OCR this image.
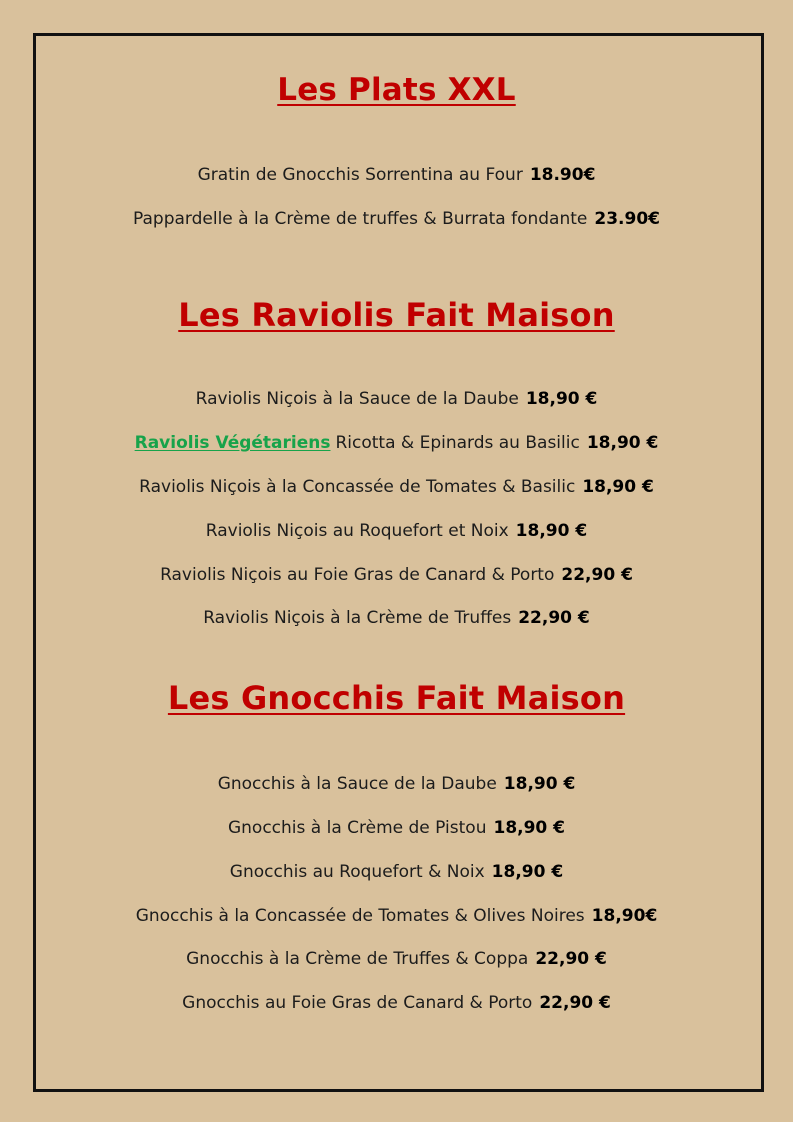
Les Plats XXL
Gratin de Gnocchis Sorrentina au Four 18.90€
Pappardelle à la Crème de truffes & Burrata fondante 23.90€
Les Raviolis Fait Maison
Raviolis Niçois à la Sauce de la Daube 18,90 €
Raviolis Végétariens Ricotta & Epinards au Basilic 18,90 €
Raviolis Niçois à la Concassée de Tomates & Basilic 18,90 €
Raviolis Niçois au Roquefort et Noix 18,90 €
Raviolis Niçois au Foie Gras de Canard & Porto 22,90 €
Raviolis Niçois à la Crème de Truffes 22,90 €
Les Gnocchis Fait Maison
Gnocchis à la Sauce de la Daube 18,90 €
Gnocchis à la Crème de Pistou 18,90 €
Gnocchis au Roquefort & Noix 18,90 €
Gnocchis à la Concassée de Tomates & Olives Noires 18,90€
Gnocchis à la Crème de Truffes & Coppa 22,90 €
Gnocchis au Foie Gras de Canard & Porto 22,90 €
